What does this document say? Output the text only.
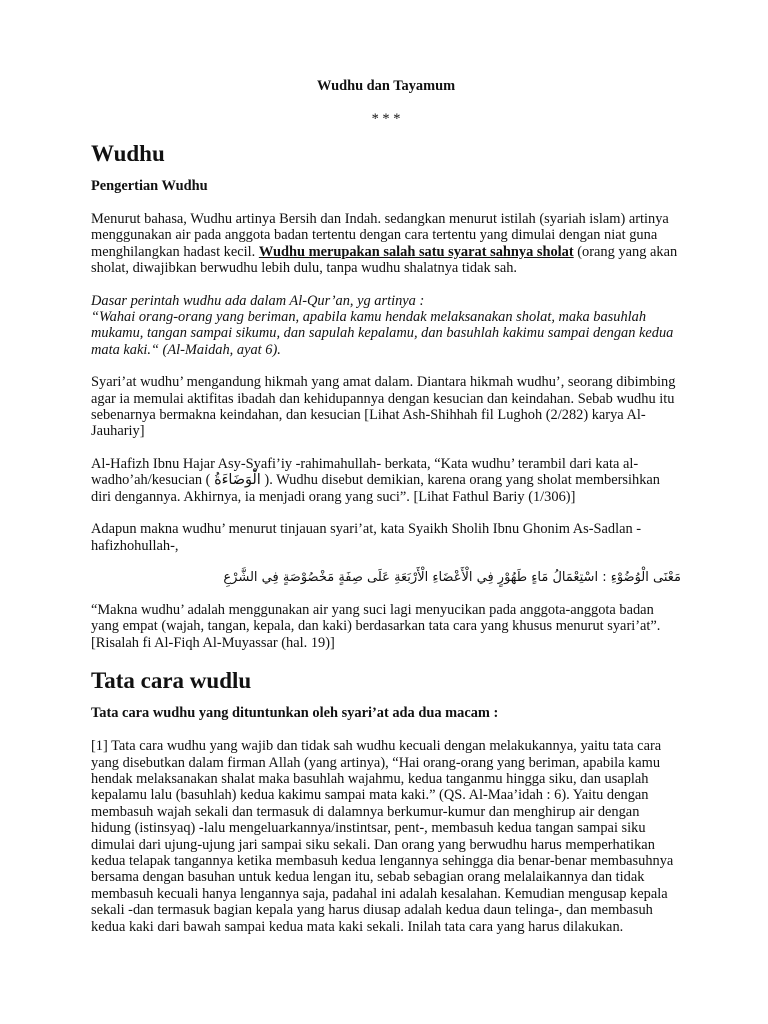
Wudhu dan Tayamum
* * *
Wudhu
Pengertian Wudhu

Menurut bahasa, Wudhu artinya Bersih dan Indah. sedangkan menurut istilah (syariah islam) artinya menggunakan air pada anggota badan tertentu dengan cara tertentu yang dimulai dengan niat guna menghilangkan hadast kecil. Wudhu merupakan salah satu syarat sahnya sholat (orang yang akan sholat, diwajibkan berwudhu lebih dulu, tanpa wudhu shalatnya tidak sah.

Dasar perintah wudhu ada dalam Al-Qur’an, yg artinya :

“Wahai orang-orang yang beriman, apabila kamu hendak melaksanakan sholat, maka basuhlah mukamu, tangan sampai sikumu, dan sapulah kepalamu, dan basuhlah kakimu sampai dengan kedua mata kaki.“ (Al-Maidah, ayat 6).

Syari’at wudhu’ mengandung hikmah yang amat dalam. Diantara hikmah wudhu’, seorang dibimbing agar ia memulai aktifitas ibadah dan kehidupannya dengan kesucian dan keindahan. Sebab wudhu itu sebenarnya bermakna keindahan, dan kesucian [Lihat Ash-Shihhah fil Lughoh (2/282) karya Al-Jauhariy]

Al-Hafizh Ibnu Hajar Asy-Syafi’iy -rahimahullah- berkata, “Kata wudhu’ terambil dari kata al-wadho’ah/kesucian ( الْوَضَاءَةُ ). Wudhu disebut demikian, karena orang yang sholat membersihkan diri dengannya. Akhirnya, ia menjadi orang yang suci”. [Lihat Fathul Bariy (1/306)]

Adapun makna wudhu’ menurut tinjauan syari’at, kata Syaikh Sholih Ibnu Ghonim As-Sadlan -hafizhohullah-,

مَعْنَى الْوُضُوْءِ : اسْتِعْمَالُ مَاءٍ طَهُوْرٍ فِي الْأَعْضَاءِ الْأَرْبَعَةِ عَلَى صِفَةٍ مَخْصُوْصَةٍ فِي الشَّرْعِ

“Makna wudhu’ adalah menggunakan air yang suci lagi menyucikan pada anggota-anggota badan yang empat (wajah, tangan, kepala, dan kaki) berdasarkan tata cara yang khusus menurut syari’at”. [Risalah fi Al-Fiqh Al-Muyassar (hal. 19)]

Tata cara wudlu
Tata cara wudhu yang dituntunkan oleh syari’at ada dua macam :

[1] Tata cara wudhu yang wajib dan tidak sah wudhu kecuali dengan melakukannya, yaitu tata cara yang disebutkan dalam firman Allah (yang artinya), “Hai orang-orang yang beriman, apabila kamu hendak melaksanakan shalat maka basuhlah wajahmu, kedua tanganmu hingga siku, dan usaplah kepalamu lalu (basuhlah) kedua kakimu sampai mata kaki.” (QS. Al-Maa’idah : 6). Yaitu dengan membasuh wajah sekali dan termasuk di dalamnya berkumur-kumur dan menghirup air dengan hidung (istinsyaq) -lalu mengeluarkannya/instintsar, pent-, membasuh kedua tangan sampai siku dimulai dari ujung-ujung jari sampai siku sekali. Dan orang yang berwudhu harus memperhatikan kedua telapak tangannya ketika membasuh kedua lengannya sehingga dia benar-benar membasuhnya bersama dengan basuhan untuk kedua lengan itu, sebab sebagian orang melalaikannya dan tidak membasuh kecuali hanya lengannya saja, padahal ini adalah kesalahan. Kemudian mengusap kepala sekali -dan termasuk bagian kepala yang harus diusap adalah kedua daun telinga-, dan membasuh kedua kaki dari bawah sampai kedua mata kaki sekali. Inilah tata cara yang harus dilakukan.
